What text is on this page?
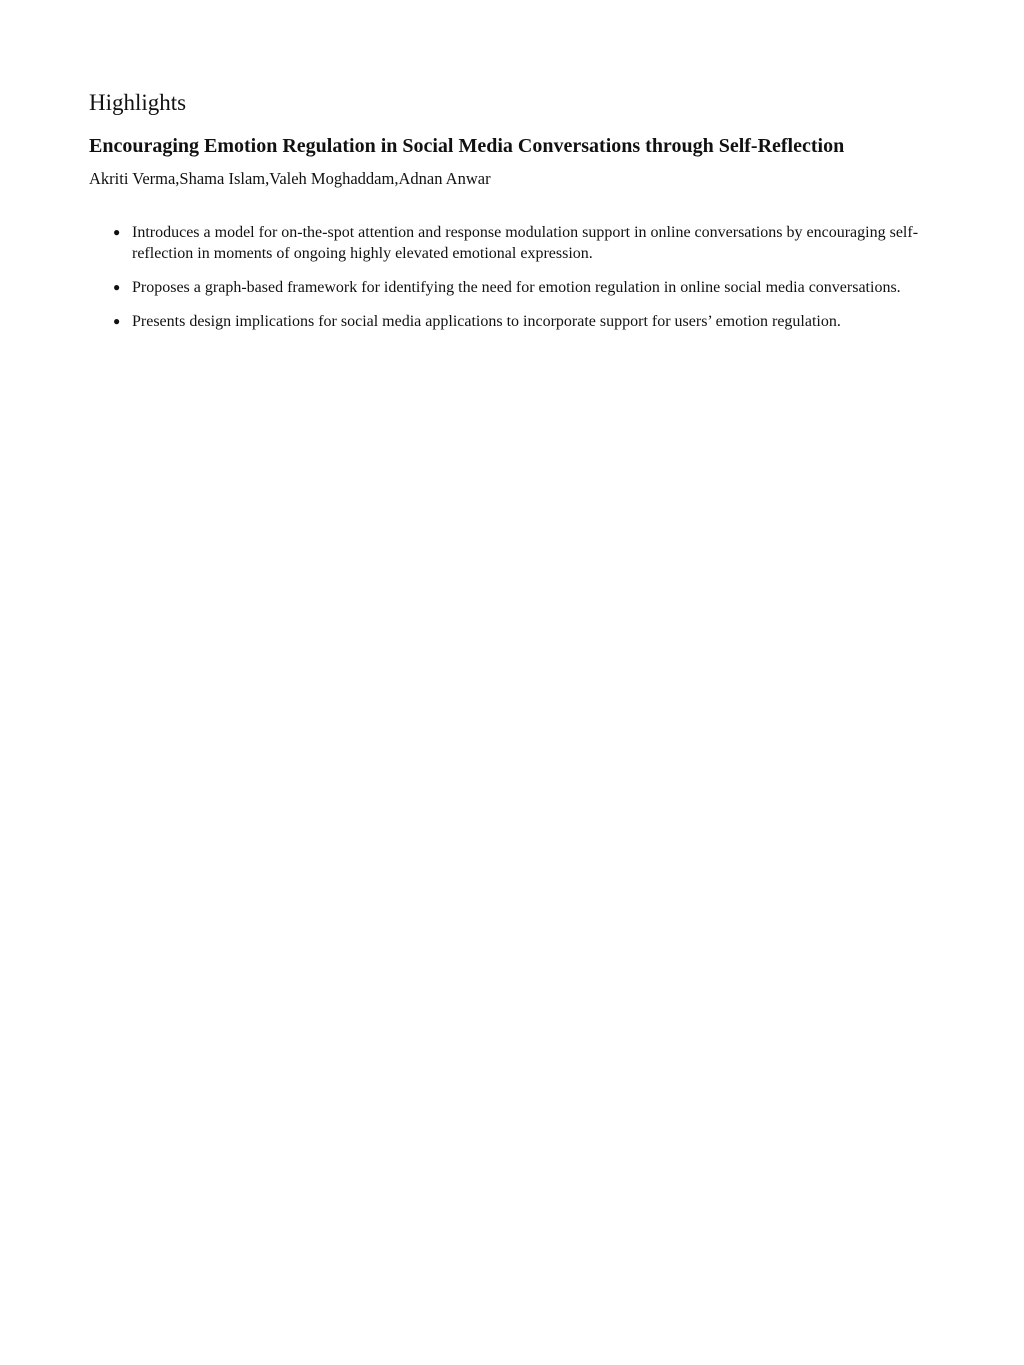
Highlights
Encouraging Emotion Regulation in Social Media Conversations through Self-Reflection

Akriti Verma,Shama Islam,Valeh Moghaddam,Adnan Anwar

● Introduces a model for on-the-spot attention and response modulation support in online conversations by encouraging self-reflection in moments of ongoing highly elevated emotional expression.
● Proposes a graph-based framework for identifying the need for emotion regulation in online social media conversations.
● Presents design implications for social media applications to incorporate support for users’ emotion regulation.
